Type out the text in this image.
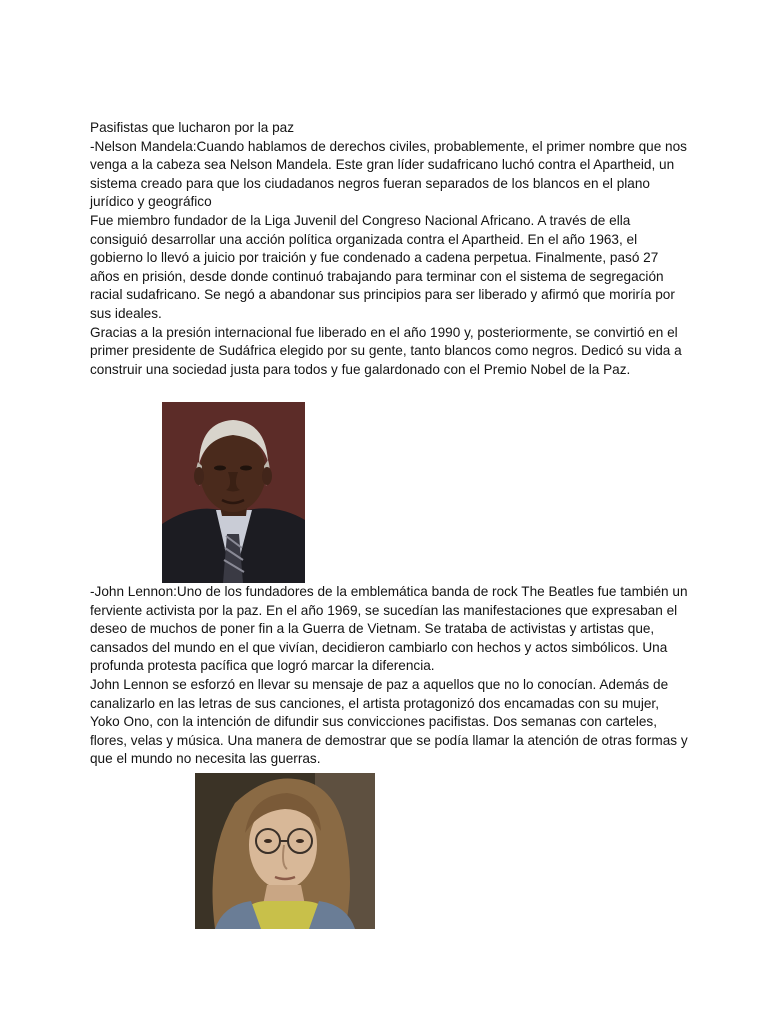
Pasifistas que lucharon por la paz

-Nelson Mandela:Cuando hablamos de derechos civiles, probablemente, el primer nombre que nos venga a la cabeza sea Nelson Mandela. Este gran líder sudafricano luchó contra el Apartheid, un sistema creado para que los ciudadanos negros fueran separados de los blancos en el plano jurídico y geográfico

Fue miembro fundador de la Liga Juvenil del Congreso Nacional Africano. A través de ella consiguió desarrollar una acción política organizada contra el Apartheid. En el año 1963, el gobierno lo llevó a juicio por traición y fue condenado a cadena perpetua. Finalmente, pasó 27 años en prisión, desde donde continuó trabajando para terminar con el sistema de segregación racial sudafricano. Se negó a abandonar sus principios para ser liberado y afirmó que moriría por sus ideales.

Gracias a la presión internacional fue liberado en el año 1990 y, posteriormente, se convirtió en el primer presidente de Sudáfrica elegido por su gente, tanto blancos como negros. Dedicó su vida a construir una sociedad justa para todos y fue galardonado con el Premio Nobel de la Paz.

-John Lennon:Uno de los fundadores de la emblemática banda de rock The Beatles fue también un ferviente activista por la paz. En el año 1969, se sucedían las manifestaciones que expresaban el deseo de muchos de poner fin a la Guerra de Vietnam. Se trataba de activistas y artistas que, cansados del mundo en el que vivían, decidieron cambiarlo con hechos y actos simbólicos. Una profunda protesta pacífica que logró marcar la diferencia.

John Lennon se esforzó en llevar su mensaje de paz a aquellos que no lo conocían. Además de canalizarlo en las letras de sus canciones, el artista protagonizó dos encamadas con su mujer, Yoko Ono, con la intención de difundir sus convicciones pacifistas. Dos semanas con carteles, flores, velas y música. Una manera de demostrar que se podía llamar la atención de otras formas y que el mundo no necesita las guerras.
